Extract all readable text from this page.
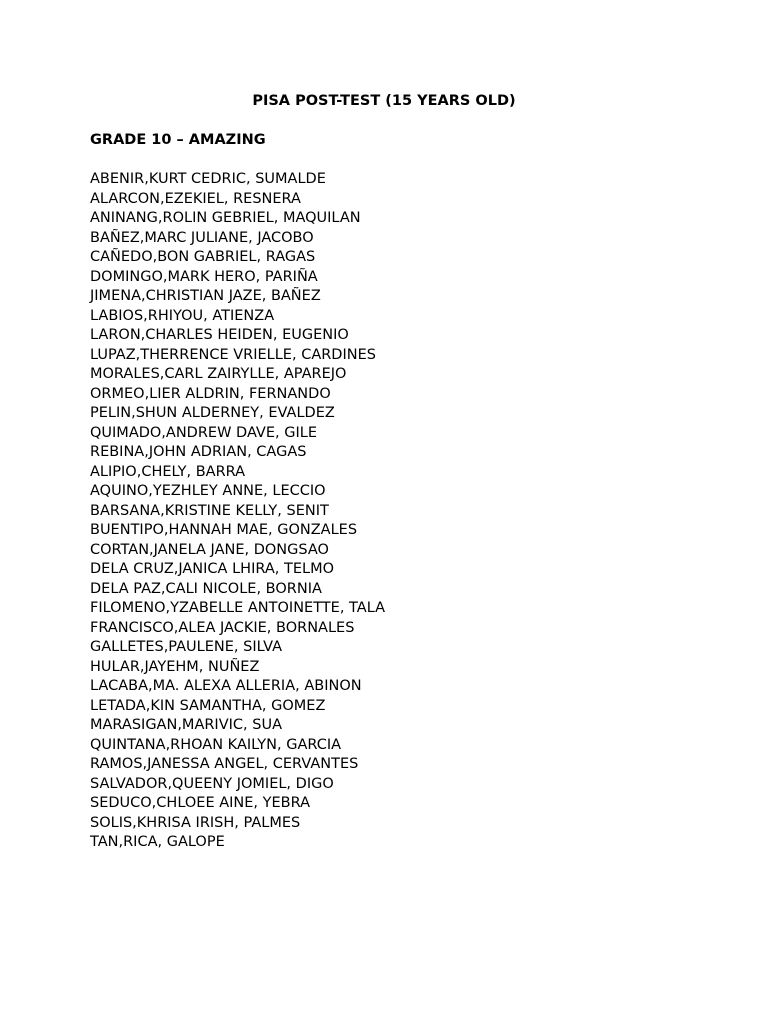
PISA POST-TEST (15 YEARS OLD)
GRADE 10 – AMAZING
ABENIR,KURT CEDRIC, SUMALDE
ALARCON,EZEKIEL, RESNERA
ANINANG,ROLIN GEBRIEL, MAQUILAN
BAÑEZ,MARC JULIANE, JACOBO
CAÑEDO,BON GABRIEL, RAGAS
DOMINGO,MARK HERO, PARIÑA
JIMENA,CHRISTIAN JAZE, BAÑEZ
LABIOS,RHIYOU, ATIENZA
LARON,CHARLES HEIDEN, EUGENIO
LUPAZ,THERRENCE VRIELLE, CARDINES
MORALES,CARL ZAIRYLLE, APAREJO
ORMEO,LIER ALDRIN, FERNANDO
PELIN,SHUN ALDERNEY, EVALDEZ
QUIMADO,ANDREW DAVE, GILE
REBINA,JOHN ADRIAN, CAGAS
ALIPIO,CHELY, BARRA
AQUINO,YEZHLEY ANNE, LECCIO
BARSANA,KRISTINE KELLY, SENIT
BUENTIPO,HANNAH MAE, GONZALES
CORTAN,JANELA JANE, DONGSAO
DELA CRUZ,JANICA LHIRA, TELMO
DELA PAZ,CALI NICOLE, BORNIA
FILOMENO,YZABELLE ANTOINETTE, TALA
FRANCISCO,ALEA JACKIE, BORNALES
GALLETES,PAULENE, SILVA
HULAR,JAYEHM, NUÑEZ
LACABA,MA. ALEXA ALLERIA, ABINON
LETADA,KIN SAMANTHA, GOMEZ
MARASIGAN,MARIVIC, SUA
QUINTANA,RHOAN KAILYN, GARCIA
RAMOS,JANESSA ANGEL, CERVANTES
SALVADOR,QUEENY JOMIEL, DIGO
SEDUCO,CHLOEE AINE, YEBRA
SOLIS,KHRISA IRISH, PALMES
TAN,RICA, GALOPE
